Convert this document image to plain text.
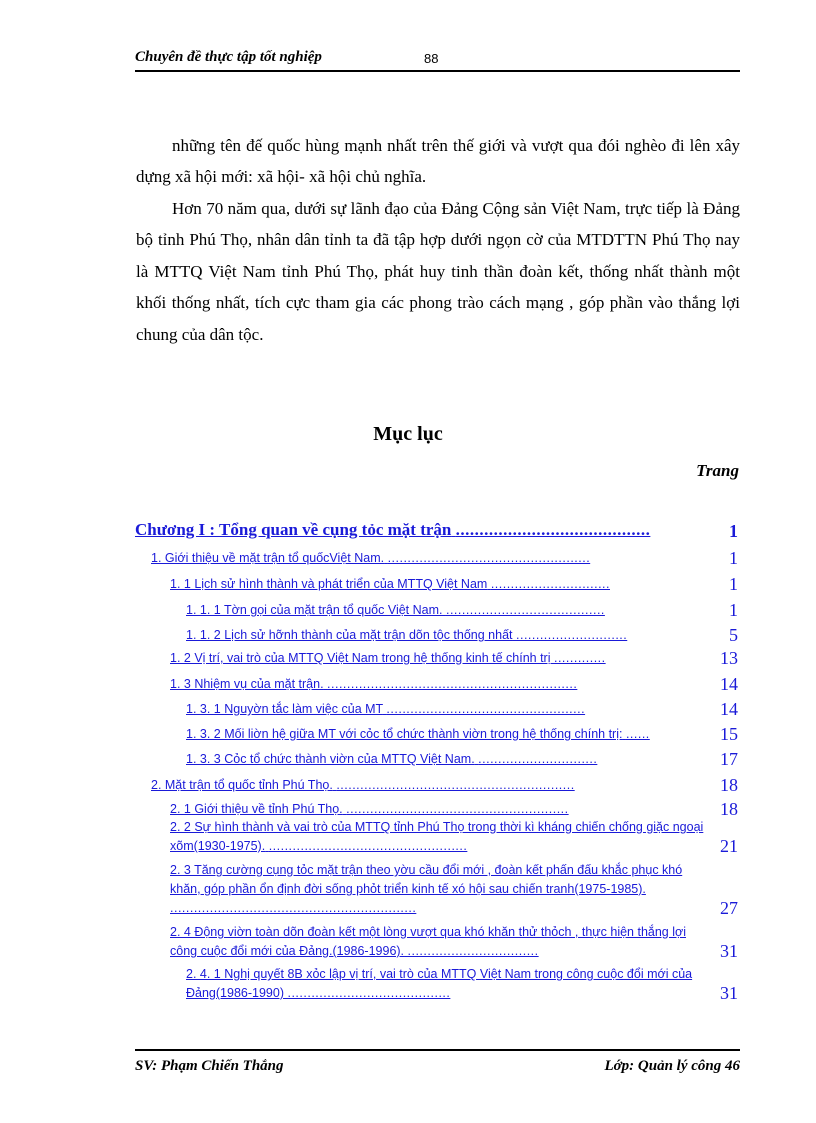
Chuyên đề thực tập tốt nghiệp	88

những tên đế quốc hùng mạnh nhất trên thế giới và vượt qua đói nghèo đi lên xây dựng xã hội mới: xã hội- xã hội chủ nghĩa.

Hơn 70 năm qua, dưới sự lãnh đạo của Đảng Cộng sản Việt Nam, trực tiếp là Đảng bộ tỉnh Phú Thọ, nhân dân tỉnh ta đã tập hợp dưới ngọn cờ của MTDTTN Phú Thọ nay là MTTQ Việt Nam tỉnh Phú Thọ, phát huy tinh thần đoàn kết, thống nhất thành một khối thống nhất, tích cực tham gia các phong trào cách mạng , góp phần vào thắng lợi chung của dân tộc.

Mục lục
Trang
Chương I : Tổng quan về cụng tỏc mặt trận .........................................	1
1. Giới thiệu về mặt trận tổ quốcViệt Nam. ...................................................	1
1. 1 Lịch sử hình thành và phát triển của MTTQ Việt Nam ..............................	1
1. 1. 1 Tờn gọi của mặt trận tổ quốc Việt Nam. ........................................	1
1. 1. 2 Lịch sử hỡnh thành của mặt trận dõn tộc thống nhất ............................	5
1. 2 Vị trí, vai trò của MTTQ Việt Nam trong hệ thống kinh tế chính trị .............	13
1. 3 Nhiệm vụ của mặt trận. ...............................................................	14
1. 3. 1 Nguyờn tắc làm việc của MT ..................................................	14
1. 3. 2 Mối liờn hệ giữa MT với cỏc tổ chức thành viờn trong hệ thống chính trị: ......	15
1. 3. 3 Cỏc tổ chức thành viờn của MTTQ Việt Nam. ..............................	17
2. Mặt trận tổ quốc tỉnh Phú Thọ. ............................................................	18
2. 1 Giới thiệu về tỉnh Phú Thọ. ........................................................	18
2. 2 Sự hình thành và vai trò của MTTQ tỉnh Phú Thọ trong thời kì kháng chiến chống giặc ngoại xõm(1930-1975). ..................................................	21
2. 3 Tăng cường cụng tỏc mặt trận theo yờu cầu đổi mới , đoàn kết phấn đấu khắc phục khó khăn, góp phần ổn định đời sống phỏt triển kinh tế xó hội sau chiến tranh(1975-1985). ..............................................................	27
2. 4 Động viờn toàn dõn đoàn kết một lòng vượt qua khó khăn thử thỏch , thực hiện thắng lợi công cuộc đổi mới của Đảng.(1986-1996). .................................	31
2. 4. 1 Nghị quyết 8B xỏc lập vị trí, vai trò của MTTQ Việt Nam trong công cuộc đổi mới của Đảng(1986-1990) .........................................	31
SV: Phạm Chiến Thắng	Lớp: Quản lý công 46
